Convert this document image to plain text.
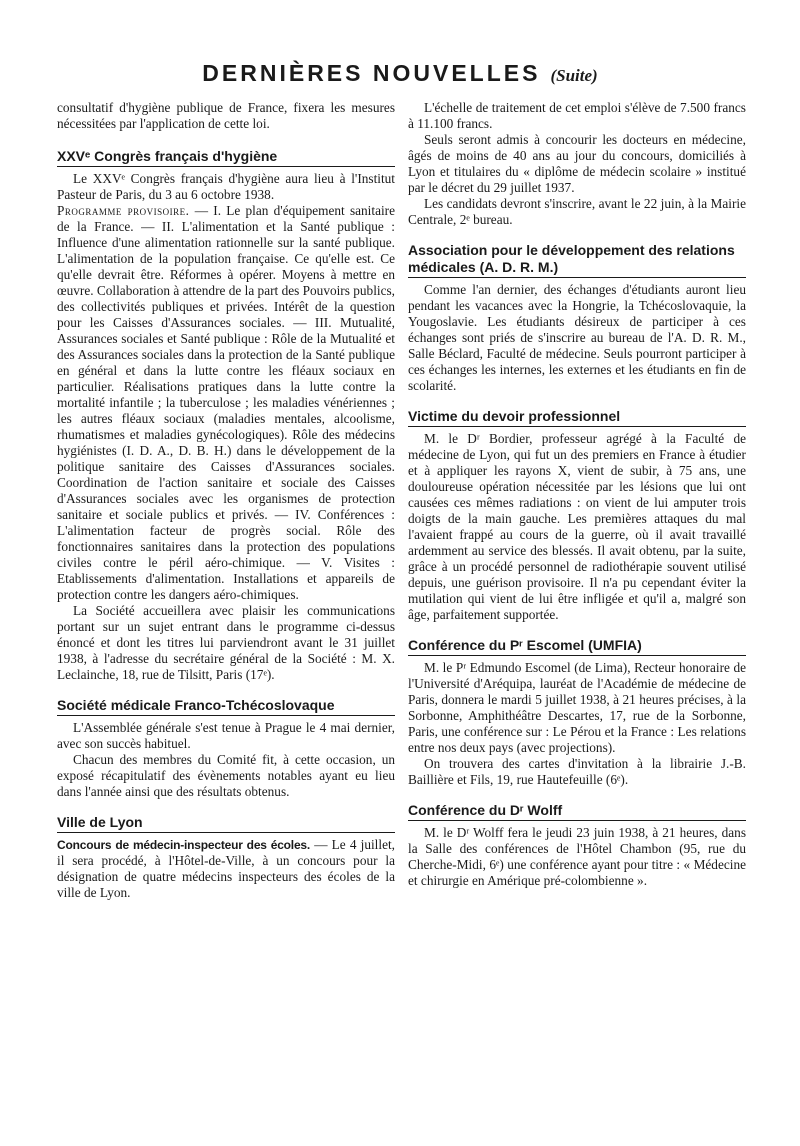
DERNIÈRES NOUVELLES (Suite)

consultatif d'hygiène publique de France, fixera les mesures nécessitées par l'application de cette loi.

XXVᵉ Congrès français d'hygiène

Le XXVᵉ Congrès français d'hygiène aura lieu à l'Institut Pasteur de Paris, du 3 au 6 octobre 1938.

Programme provisoire. — I. Le plan d'équipement sanitaire de la France. — II. L'alimentation et la Santé publique : Influence d'une alimentation rationnelle sur la santé publique. L'alimentation de la population française. Ce qu'elle est. Ce qu'elle devrait être. Réformes à opérer. Moyens à mettre en œuvre. Collaboration à attendre de la part des Pouvoirs publics, des collectivités publiques et privées. Intérêt de la question pour les Caisses d'Assurances sociales. — III. Mutualité, Assurances sociales et Santé publique : Rôle de la Mutualité et des Assurances sociales dans la protection de la Santé publique en général et dans la lutte contre les fléaux sociaux en particulier. Réalisations pratiques dans la lutte contre la mortalité infantile ; la tuberculose ; les maladies vénériennes ; les autres fléaux sociaux (maladies mentales, alcoolisme, rhumatismes et maladies gynécologiques). Rôle des médecins hygiénistes (I. D. A., D. B. H.) dans le développement de la politique sanitaire des Caisses d'Assurances sociales. Coordination de l'action sanitaire et sociale des Caisses d'Assurances sociales avec les organismes de protection sanitaire et sociale publics et privés. — IV. Conférences : L'alimentation facteur de progrès social. Rôle des fonctionnaires sanitaires dans la protection des populations civiles contre le péril aéro-chimique. — V. Visites : Etablissements d'alimentation. Installations et appareils de protection contre les dangers aéro-chimiques.

La Société accueillera avec plaisir les communications portant sur un sujet entrant dans le programme ci-dessus énoncé et dont les titres lui parviendront avant le 31 juillet 1938, à l'adresse du secrétaire général de la Société : M. X. Leclainche, 18, rue de Tilsitt, Paris (17ᵉ).

Société médicale Franco-Tchécoslovaque

L'Assemblée générale s'est tenue à Prague le 4 mai dernier, avec son succès habituel.

Chacun des membres du Comité fit, à cette occasion, un exposé récapitulatif des évènements notables ayant eu lieu dans l'année ainsi que des résultats obtenus.

Ville de Lyon

Concours de médecin-inspecteur des écoles. — Le 4 juillet, il sera procédé, à l'Hôtel-de-Ville, à un concours pour la désignation de quatre médecins inspecteurs des écoles de la ville de Lyon.

L'échelle de traitement de cet emploi s'élève de 7.500 francs à 11.100 francs.

Seuls seront admis à concourir les docteurs en médecine, âgés de moins de 40 ans au jour du concours, domiciliés à Lyon et titulaires du « diplôme de médecin scolaire » institué par le décret du 29 juillet 1937.

Les candidats devront s'inscrire, avant le 22 juin, à la Mairie Centrale, 2ᵉ bureau.

Association pour le développement des relations médicales (A. D. R. M.)

Comme l'an dernier, des échanges d'étudiants auront lieu pendant les vacances avec la Hongrie, la Tchécoslovaquie, la Yougoslavie. Les étudiants désireux de participer à ces échanges sont priés de s'inscrire au bureau de l'A. D. R. M., Salle Béclard, Faculté de médecine. Seuls pourront participer à ces échanges les internes, les externes et les étudiants en fin de scolarité.

Victime du devoir professionnel

M. le Dʳ Bordier, professeur agrégé à la Faculté de médecine de Lyon, qui fut un des premiers en France à étudier et à appliquer les rayons X, vient de subir, à 75 ans, une douloureuse opération nécessitée par les lésions que lui ont causées ces mêmes radiations : on vient de lui amputer trois doigts de la main gauche. Les premières attaques du mal l'avaient frappé au cours de la guerre, où il avait travaillé ardemment au service des blessés. Il avait obtenu, par la suite, grâce à un procédé personnel de radiothérapie souvent utilisé depuis, une guérison provisoire. Il n'a pu cependant éviter la mutilation qui vient de lui être infligée et qu'il a, malgré son âge, parfaitement supportée.

Conférence du Pʳ Escomel (UMFIA)

M. le Pʳ Edmundo Escomel (de Lima), Recteur honoraire de l'Université d'Aréquipa, lauréat de l'Académie de médecine de Paris, donnera le mardi 5 juillet 1938, à 21 heures précises, à la Sorbonne, Amphithéâtre Descartes, 17, rue de la Sorbonne, Paris, une conférence sur : Le Pérou et la France : Les relations entre nos deux pays (avec projections).

On trouvera des cartes d'invitation à la librairie J.-B. Baillière et Fils, 19, rue Hautefeuille (6ᵉ).

Conférence du Dʳ Wolff

M. le Dʳ Wolff fera le jeudi 23 juin 1938, à 21 heures, dans la Salle des conférences de l'Hôtel Chambon (95, rue du Cherche-Midi, 6ᵉ) une conférence ayant pour titre : « Médecine et chirurgie en Amérique pré-colombienne ».
